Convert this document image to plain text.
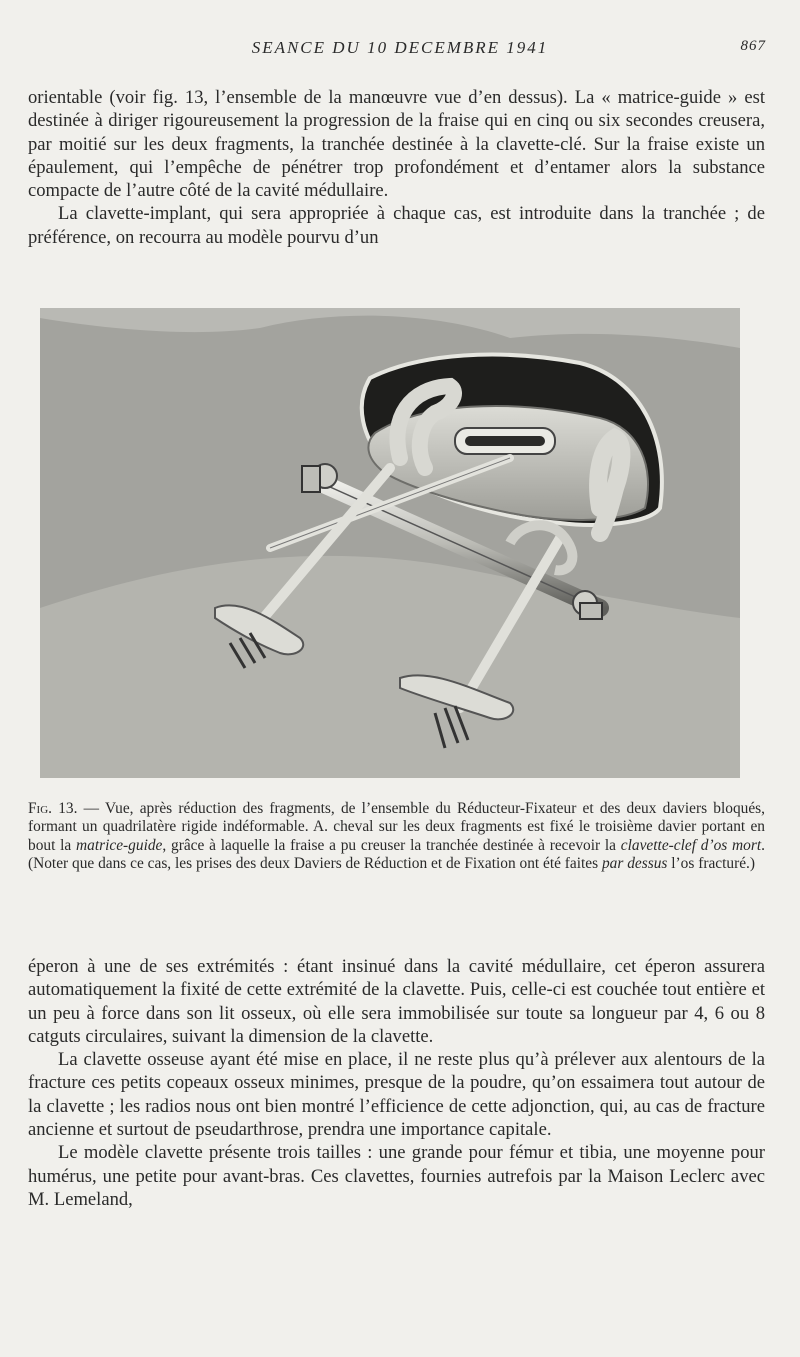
SEANCE DU 10 DECEMBRE 1941	867

orientable (voir fig. 13, l’ensemble de la manœuvre vue d’en dessus). La « matrice-guide » est destinée à diriger rigoureusement la progression de la fraise qui en cinq ou six secondes creusera, par moitié sur les deux fragments, la tranchée destinée à la clavette-clé. Sur la fraise existe un épaulement, qui l’empêche de pénétrer trop profondément et d’entamer alors la substance compacte de l’autre côté de la cavité médullaire.

La clavette-implant, qui sera appropriée à chaque cas, est introduite dans la tranchée ; de préférence, on recourra au modèle pourvu d’un

Fig. 13. — Vue, après réduction des fragments, de l’ensemble du Réducteur-Fixateur et des deux daviers bloqués, formant un quadrilatère rigide indéformable. A. cheval sur les deux fragments est fixé le troisième davier portant en bout la matrice-guide, grâce à laquelle la fraise a pu creuser la tranchée destinée à recevoir la clavette-clef d’os mort. (Noter que dans ce cas, les prises des deux Daviers de Réduction et de Fixation ont été faites par dessus l’os fracturé.)

éperon à une de ses extrémités : étant insinué dans la cavité médullaire, cet éperon assurera automatiquement la fixité de cette extrémité de la clavette. Puis, celle-ci est couchée tout entière et un peu à force dans son lit osseux, où elle sera immobilisée sur toute sa longueur par 4, 6 ou 8 catguts circulaires, suivant la dimension de la clavette.

La clavette osseuse ayant été mise en place, il ne reste plus qu’à prélever aux alentours de la fracture ces petits copeaux osseux minimes, presque de la poudre, qu’on essaimera tout autour de la clavette ; les radios nous ont bien montré l’efficience de cette adjonction, qui, au cas de fracture ancienne et surtout de pseudarthrose, prendra une importance capitale.

Le modèle clavette présente trois tailles : une grande pour fémur et tibia, une moyenne pour humérus, une petite pour avant-bras. Ces clavettes, fournies autrefois par la Maison Leclerc avec M. Lemeland,
